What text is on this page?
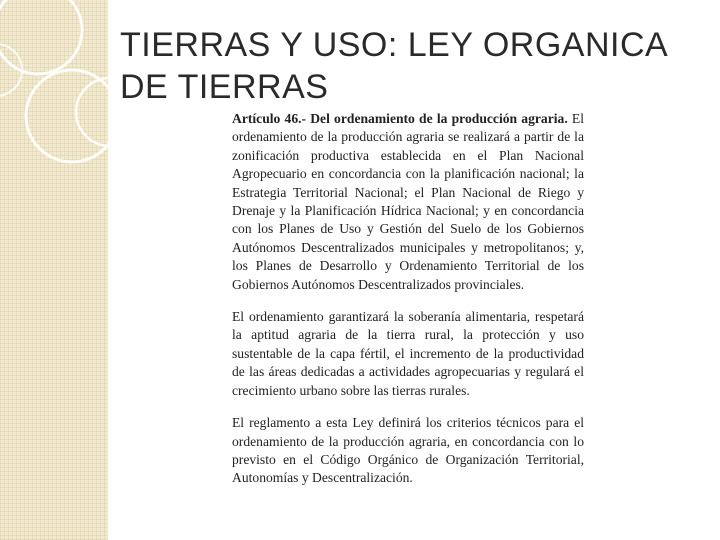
TIERRAS Y USO: LEY ORGANICA DE TIERRAS

Artículo 46.- Del ordenamiento de la producción agraria. El ordenamiento de la producción agraria se realizará a partir de la zonificación productiva establecida en el Plan Nacional Agropecuario en concordancia con la planificación nacional; la Estrategia Territorial Nacional; el Plan Nacional de Riego y Drenaje y la Planificación Hídrica Nacional; y en concordancia con los Planes de Uso y Gestión del Suelo de los Gobiernos Autónomos Descentralizados municipales y metropolitanos; y, los Planes de Desarrollo y Ordenamiento Territorial de los Gobiernos Autónomos Descentralizados provinciales.

El ordenamiento garantizará la soberanía alimentaria, respetará la aptitud agraria de la tierra rural, la protección y uso sustentable de la capa fértil, el incremento de la productividad de las áreas dedicadas a actividades agropecuarias y regulará el crecimiento urbano sobre las tierras rurales.

El reglamento a esta Ley definirá los criterios técnicos para el ordenamiento de la producción agraria, en concordancia con lo previsto en el Código Orgánico de Organización Territorial, Autonomías y Descentralización.
